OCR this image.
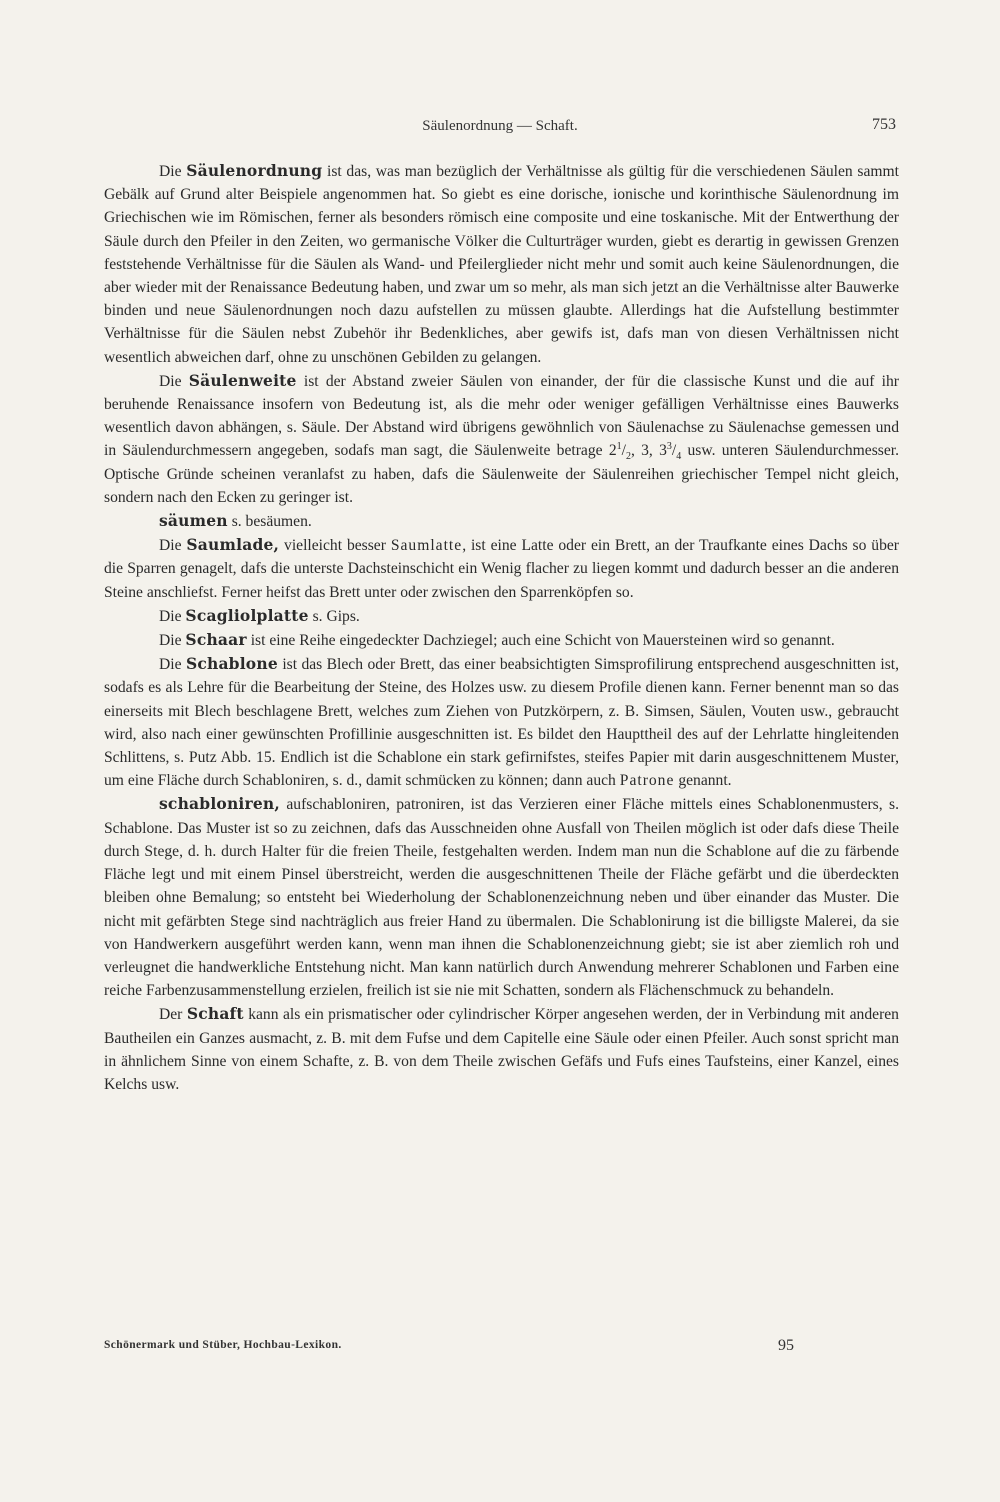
Säulenordnung — Schaft.	753

Die Säulenordnung ist das, was man bezüglich der Verhältnisse als gültig für die verschiedenen Säulen sammt Gebälk auf Grund alter Beispiele angenommen hat. So giebt es eine dorische, ionische und korinthische Säulenordnung im Griechischen wie im Römischen, ferner als besonders römisch eine composite und eine toskanische. Mit der Entwerthung der Säule durch den Pfeiler in den Zeiten, wo germanische Völker die Culturträger wurden, giebt es derartig in gewissen Grenzen feststehende Verhältnisse für die Säulen als Wand- und Pfeilerglieder nicht mehr und somit auch keine Säulenordnungen, die aber wieder mit der Renaissance Bedeutung haben, und zwar um so mehr, als man sich jetzt an die Verhältnisse alter Bauwerke binden und neue Säulenordnungen noch dazu aufstellen zu müssen glaubte. Allerdings hat die Aufstellung bestimmter Verhältnisse für die Säulen nebst Zubehör ihr Bedenkliches, aber gewifs ist, dafs man von diesen Verhältnissen nicht wesentlich abweichen darf, ohne zu unschönen Gebilden zu gelangen.

Die Säulenweite ist der Abstand zweier Säulen von einander, der für die classische Kunst und die auf ihr beruhende Renaissance insofern von Bedeutung ist, als die mehr oder weniger gefälligen Verhältnisse eines Bauwerks wesentlich davon abhängen, s. Säule. Der Abstand wird übrigens gewöhnlich von Säulenachse zu Säulenachse gemessen und in Säulendurchmessern angegeben, sodafs man sagt, die Säulenweite betrage $2^1/_2$, 3, $3^3/_4$ usw. unteren Säulendurchmesser. Optische Gründe scheinen veranlafst zu haben, dafs die Säulenweite der Säulenreihen griechischer Tempel nicht gleich, sondern nach den Ecken zu geringer ist.

säumen s. besäumen.

Die Saumlade, vielleicht besser Saumlatte, ist eine Latte oder ein Brett, an der Traufkante eines Dachs so über die Sparren genagelt, dafs die unterste Dachsteinschicht ein Wenig flacher zu liegen kommt und dadurch besser an die anderen Steine anschliefst. Ferner heifst das Brett unter oder zwischen den Sparrenköpfen so.

Die Scagliolplatte s. Gips.

Die Schaar ist eine Reihe eingedeckter Dachziegel; auch eine Schicht von Mauersteinen wird so genannt.

Die Schablone ist das Blech oder Brett, das einer beabsichtigten Simsprofilirung entsprechend ausgeschnitten ist, sodafs es als Lehre für die Bearbeitung der Steine, des Holzes usw. zu diesem Profile dienen kann. Ferner benennt man so das einerseits mit Blech beschlagene Brett, welches zum Ziehen von Putzkörpern, z. B. Simsen, Säulen, Vouten usw., gebraucht wird, also nach einer gewünschten Profillinie ausgeschnitten ist. Es bildet den Haupttheil des auf der Lehrlatte hingleitenden Schlittens, s. Putz Abb. 15. Endlich ist die Schablone ein stark gefirnifstes, steifes Papier mit darin ausgeschnittenem Muster, um eine Fläche durch Schabloniren, s. d., damit schmücken zu können; dann auch Patrone genannt.

schabloniren, aufschabloniren, patroniren, ist das Verzieren einer Fläche mittels eines Schablonenmusters, s. Schablone. Das Muster ist so zu zeichnen, dafs das Ausschneiden ohne Ausfall von Theilen möglich ist oder dafs diese Theile durch Stege, d. h. durch Halter für die freien Theile, festgehalten werden. Indem man nun die Schablone auf die zu färbende Fläche legt und mit einem Pinsel überstreicht, werden die ausgeschnittenen Theile der Fläche gefärbt und die überdeckten bleiben ohne Bemalung; so entsteht bei Wiederholung der Schablonenzeichnung neben und über einander das Muster. Die nicht mit gefärbten Stege sind nachträglich aus freier Hand zu übermalen. Die Schablonirung ist die billigste Malerei, da sie von Handwerkern ausgeführt werden kann, wenn man ihnen die Schablonenzeichnung giebt; sie ist aber ziemlich roh und verleugnet die handwerkliche Entstehung nicht. Man kann natürlich durch Anwendung mehrerer Schablonen und Farben eine reiche Farbenzusammenstellung erzielen, freilich ist sie nie mit Schatten, sondern als Flächenschmuck zu behandeln.

Der Schaft kann als ein prismatischer oder cylindrischer Körper angesehen werden, der in Verbindung mit anderen Bautheilen ein Ganzes ausmacht, z. B. mit dem Fufse und dem Capitelle eine Säule oder einen Pfeiler. Auch sonst spricht man in ähnlichem Sinne von einem Schafte, z. B. von dem Theile zwischen Gefäfs und Fufs eines Taufsteins, einer Kanzel, eines Kelchs usw.

Schönermark und Stüber, Hochbau-Lexikon.	95
